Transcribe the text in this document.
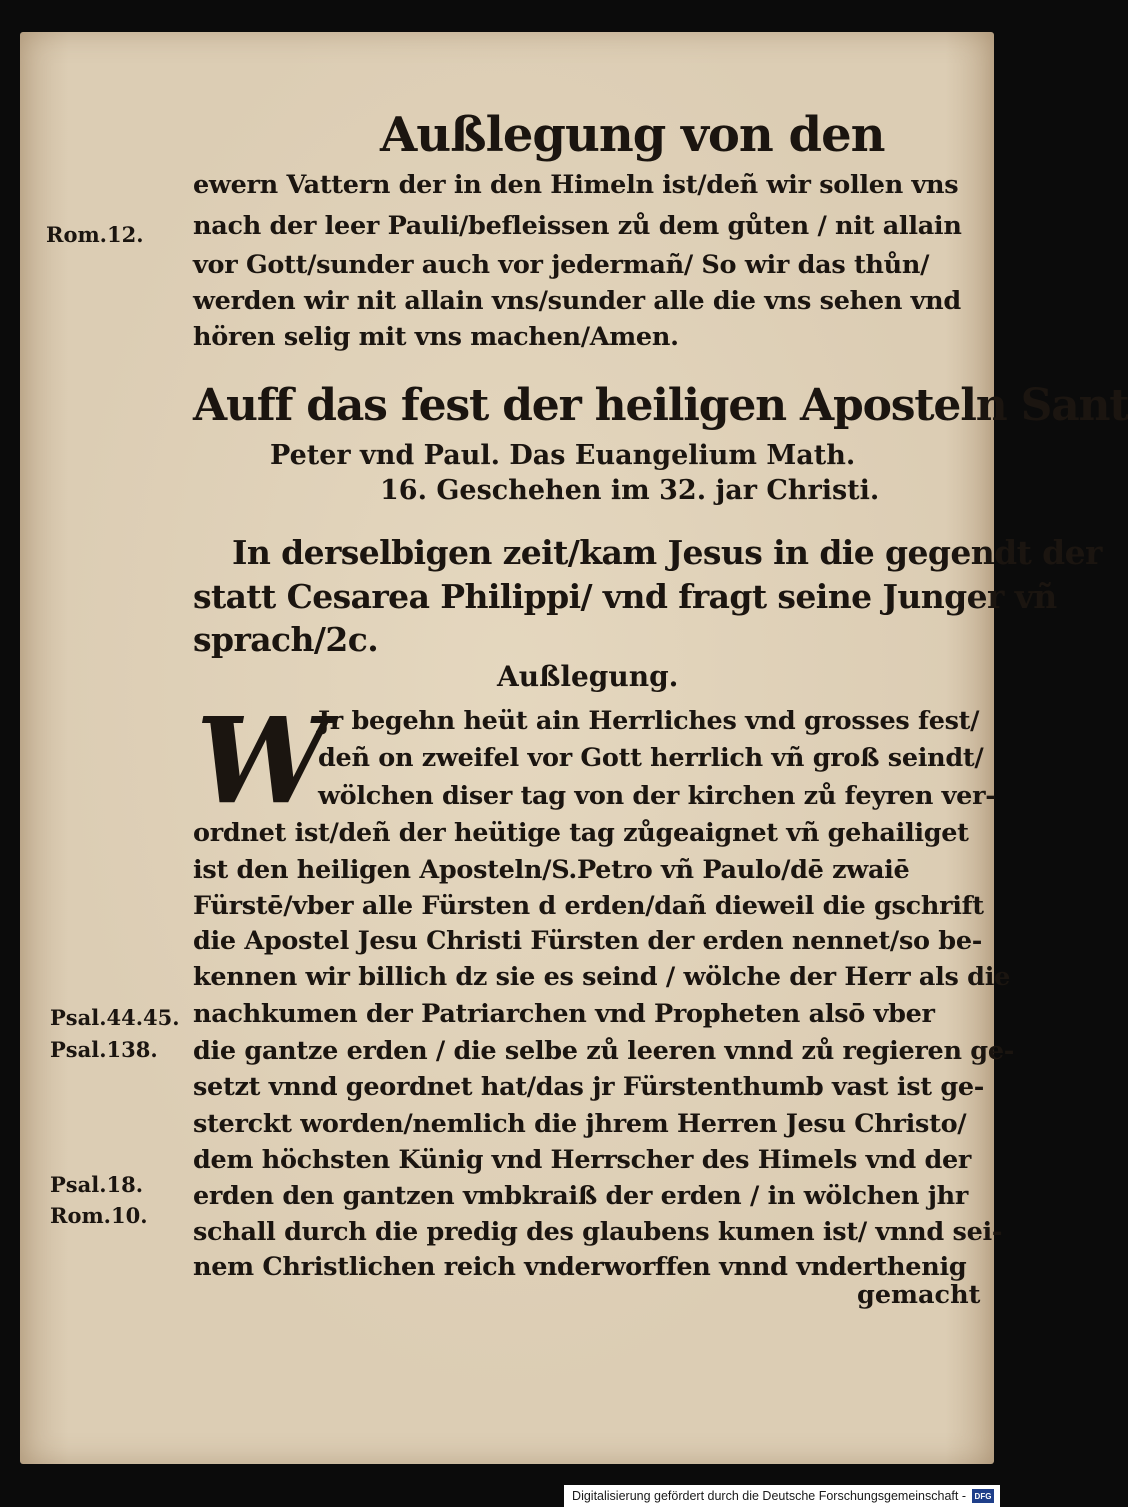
Außlegung von den

Rom.12.

ewern Vattern der in den Himeln ist/deñ wir sollen vns

nach der leer Pauli/befleissen zů dem gůten / nit allain

vor Gott/sunder auch vor jedermañ/ So wir das thůn/

werden wir nit allain vns/sunder alle die vns sehen vnd

hören selig mit vns machen/Amen.

Auff das fest der heiligen Aposteln Sant

Peter vnd Paul. Das Euangelium Math.

16. Geschehen im 32. jar Christi.

In derselbigen zeit/kam Jesus in die gegendt der

statt Cesarea Philippi/ vnd fragt seine Junger vñ

sprach/2c.

Außlegung.

W

Jr begehn heüt ain Herrliches vnd grosses fest/

deñ on zweifel vor Gott herrlich vñ groß seindt/

wölchen diser tag von der kirchen zů feyren ver-

ordnet ist/deñ der heütige tag zůgeaignet vñ gehailiget

ist den heiligen Aposteln/S.Petro vñ Paulo/dē zwaiē

Fürstē/vber alle Fürsten d erden/dañ dieweil die gschrift

die Apostel Jesu Christi Fürsten der erden nennet/so be-

kennen wir billich dz sie es seind / wölche der Herr als die

nachkumen der Patriarchen vnd Propheten alsō vber

die gantze erden / die selbe zů leeren vnnd zů regieren ge-

setzt vnnd geordnet hat/das jr Fürstenthumb vast ist ge-

sterckt worden/nemlich die jhrem Herren Jesu Christo/

dem höchsten Künig vnd Herrscher des Himels vnd der

erden den gantzen vmbkraiß der erden / in wölchen jhr

schall durch die predig des glaubens kumen ist/ vnnd sei-

nem Christlichen reich vnderworffen vnnd vnderthenig

gemacht

Psal.44.45.

Psal.138.

Psal.18.

Rom.10.

Digitalisierung gefördert durch die Deutsche Forschungsgemeinschaft -	DFG
